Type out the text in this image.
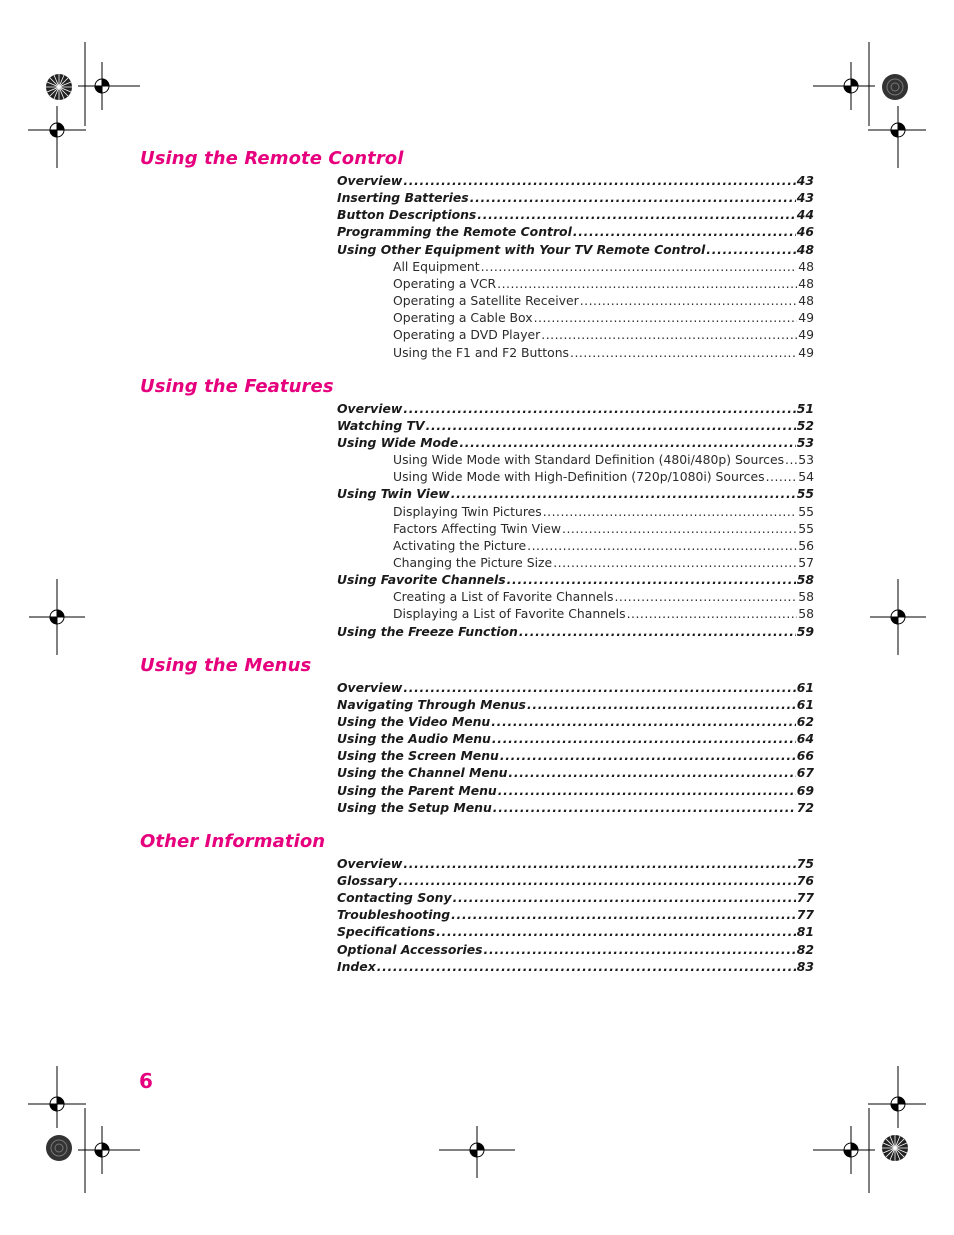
Using the Remote Control
Using the Features
Using the Menus
Other Information
Overview .....	43
Inserting Batteries .....	43
Button Descriptions .....	44
Programming the Remote Control .....	46
Using Other Equipment with Your TV Remote Control .....	48
All Equipment .....	48
Operating a VCR .....	48
Operating a Satellite Receiver .....	48
Operating a Cable Box .....	49
Operating a DVD Player .....	49
Using the F1 and F2 Buttons .....	49
Overview .....	51
Watching TV .....	52
Using Wide Mode .....	53
Using Wide Mode with Standard Definition (480i/480p) Sources ..... 53
Using Wide Mode with High-Definition (720p/1080i) Sources .....	54
Using Twin View .....	55
Displaying Twin Pictures .....	55
Factors Affecting Twin View .....	55
Activating the Picture .....	56
Changing the Picture Size .....	57
Using Favorite Channels .....	58
Creating a List of Favorite Channels .....	58
Displaying a List of Favorite Channels .....	58
Using the Freeze Function .....	59
Overview .....	61
Navigating Through Menus .....	61
Using the Video Menu .....	62
Using the Audio Menu .....	64
Using the Screen Menu .....	66
Using the Channel Menu .....	67
Using the Parent Menu .....	69
Using the Setup Menu .....	72
Overview .....	75
Glossary .....	76
Contacting Sony .....	77
Troubleshooting .....	77
Specifications .....	81
Optional Accessories .....	82
Index .....	83
6
